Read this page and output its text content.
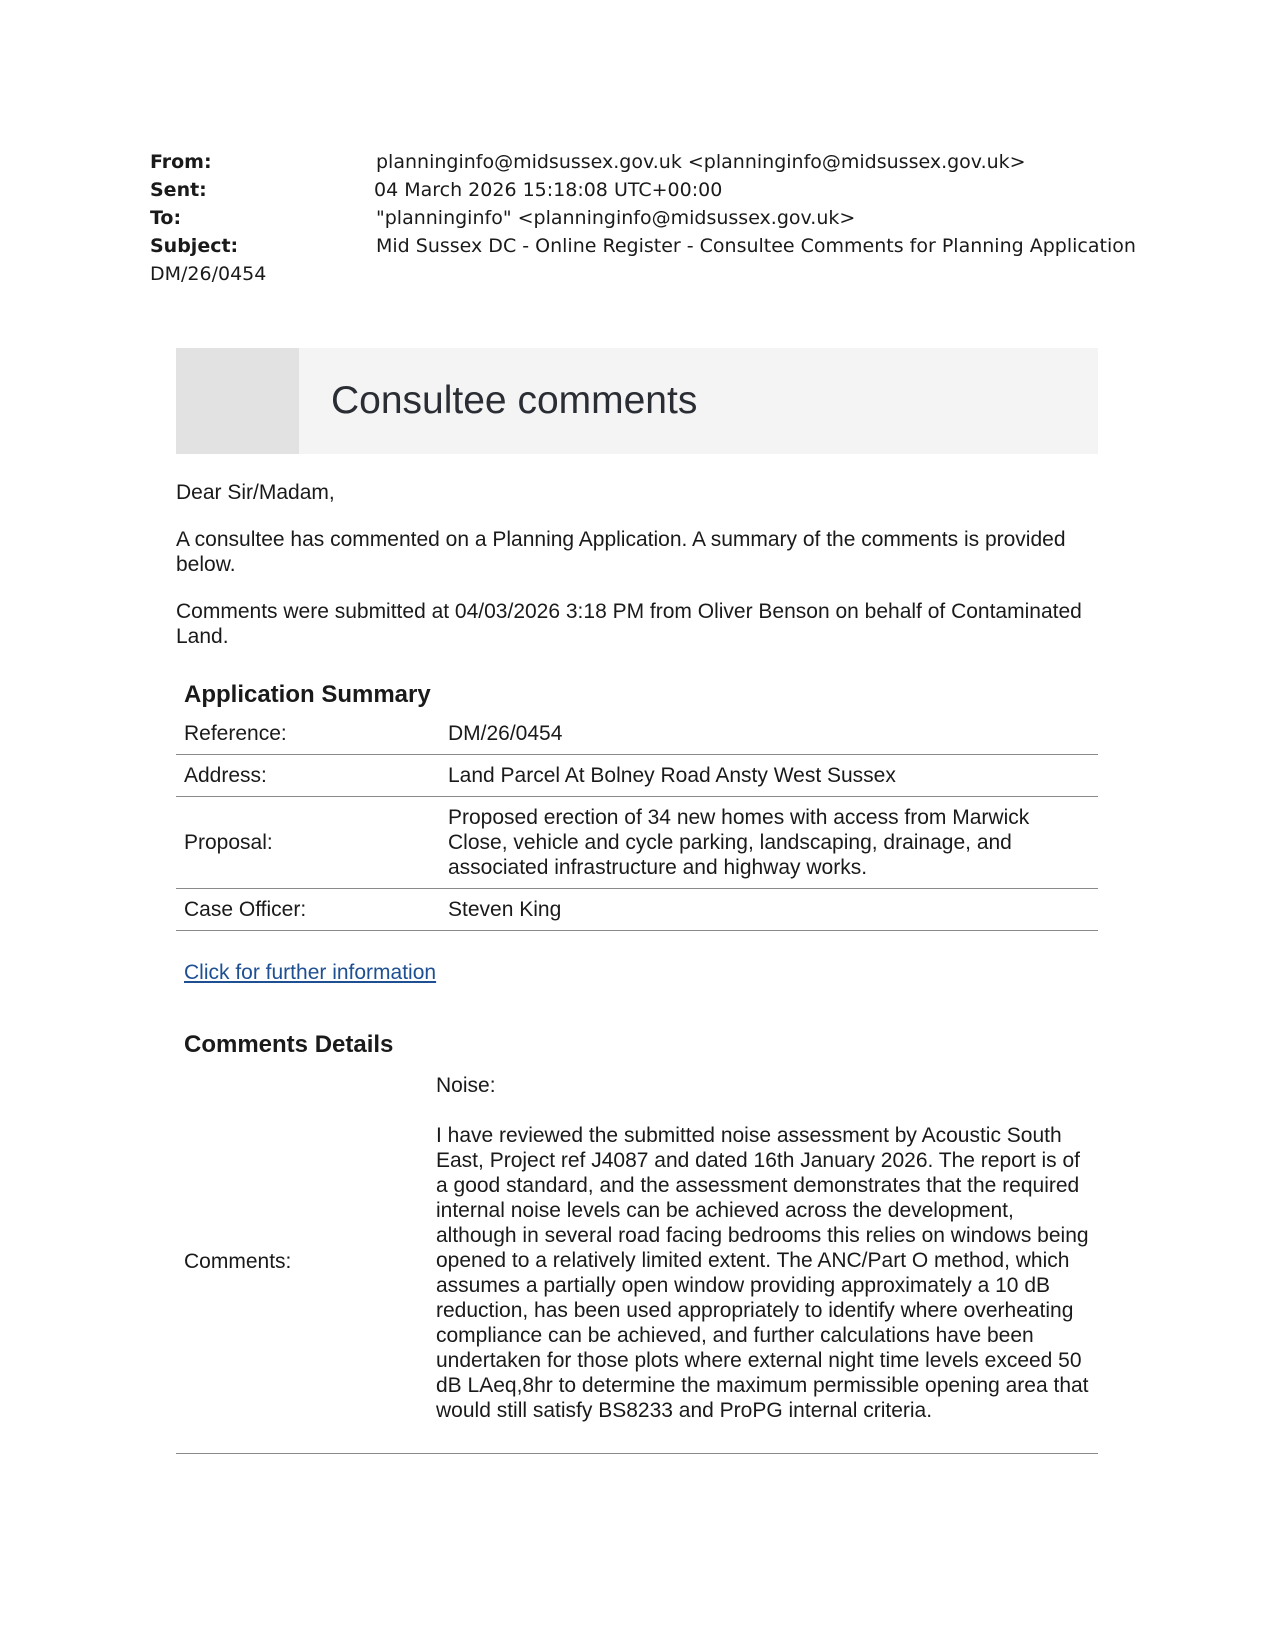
From:	planninginfo@midsussex.gov.uk <planninginfo@midsussex.gov.uk>
Sent:	04 March 2026 15:18:08 UTC+00:00
To:	"planninginfo" <planninginfo@midsussex.gov.uk>
Subject:	Mid Sussex DC - Online Register - Consultee Comments for Planning Application
DM/26/0454
Consultee comments

Dear Sir/Madam,

A consultee has commented on a Planning Application. A summary of the comments is provided below.

Comments were submitted at 04/03/2026 3:18 PM from Oliver Benson on behalf of Contaminated Land.

Application Summary
Reference:	DM/26/0454
Address:	Land Parcel At Bolney Road Ansty West Sussex
Proposal:	Proposed erection of 34 new homes with access from Marwick Close, vehicle and cycle parking, landscaping, drainage, and associated infrastructure and highway works.
Case Officer:	Steven King
Click for further information
Comments Details
Comments:	

Noise:

I have reviewed the submitted noise assessment by Acoustic South East, Project ref J4087 and dated 16th January 2026. The report is of a good standard, and the assessment demonstrates that the required internal noise levels can be achieved across the development, although in several road facing bedrooms this relies on windows being opened to a relatively limited extent. The ANC/Part O method, which assumes a partially open window providing approximately a 10 dB reduction, has been used appropriately to identify where overheating compliance can be achieved, and further calculations have been undertaken for those plots where external night time levels exceed 50 dB LAeq,8hr to determine the maximum permissible opening area that would still satisfy BS8233 and ProPG internal criteria.
